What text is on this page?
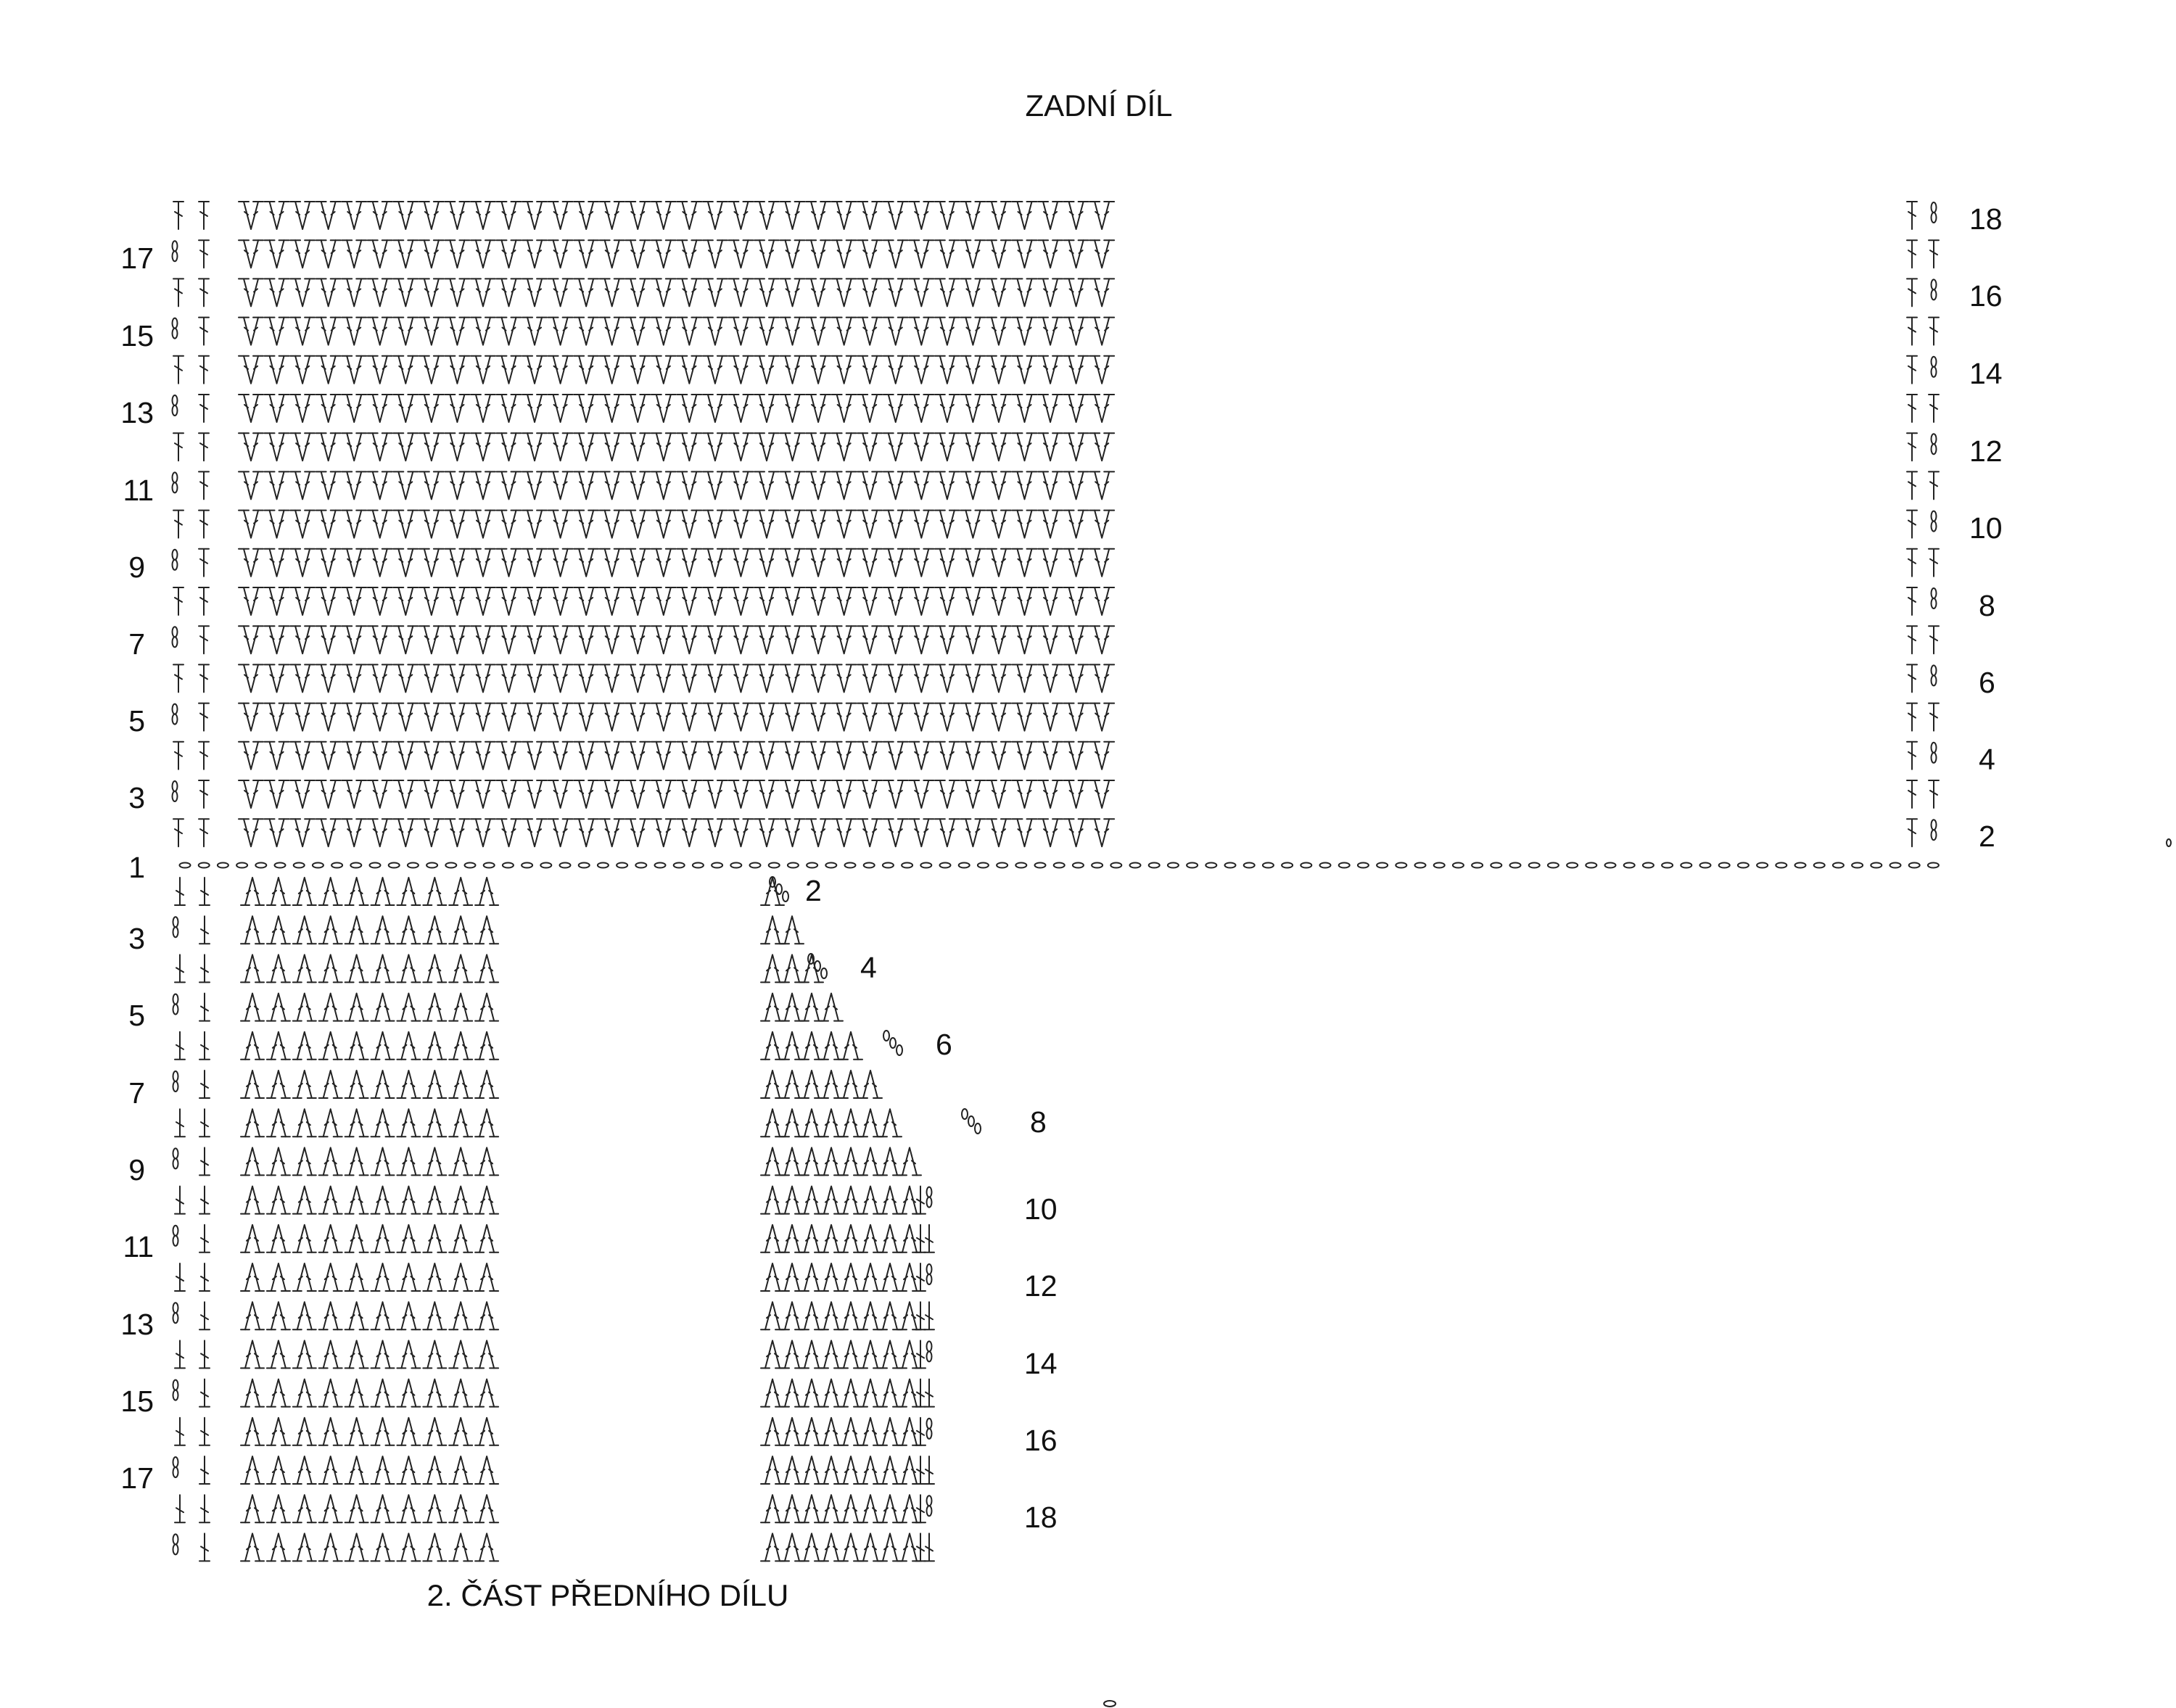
ZADNÍ DÍL
17
15
13
11
9
7
5
3
1
18
16
14
12
10
8
6
4
2
3
5
7
9
11
13
15
17
2
4
6
8
10
12
14
16
18
2. ČÁST PŘEDNÍHO DÍLU
